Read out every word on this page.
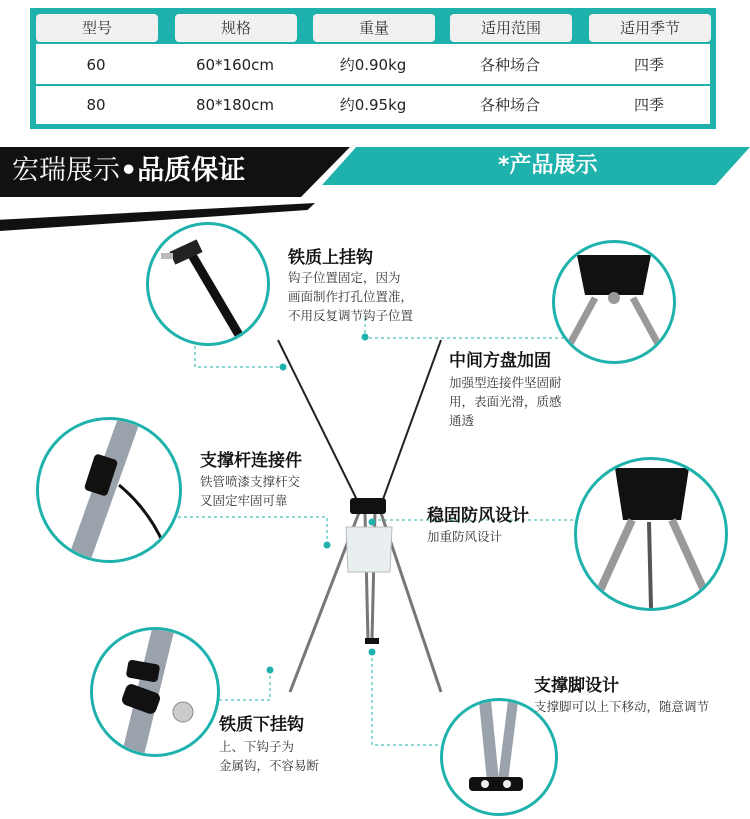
型号	规格	重量	适用范围	适用季节
60	60*160cm	约0.90kg	各种场合	四季
80	80*180cm	约0.95kg	各种场合	四季
宏瑞展示•品质保证	*产品展示
铁质上挂钩
钩子位置固定，因为
画面制作打孔位置准，
不用反复调节钩子位置
中间方盘加固
加强型连接件坚固耐
用，表面光滑，质感
通透
支撑杆连接件
铁管喷漆支撑杆交
叉固定牢固可靠
稳固防风设计
加重防风设计
支撑脚设计
支撑脚可以上下移动，随意调节
铁质下挂钩
上、下钩子为
金属钩，不容易断
